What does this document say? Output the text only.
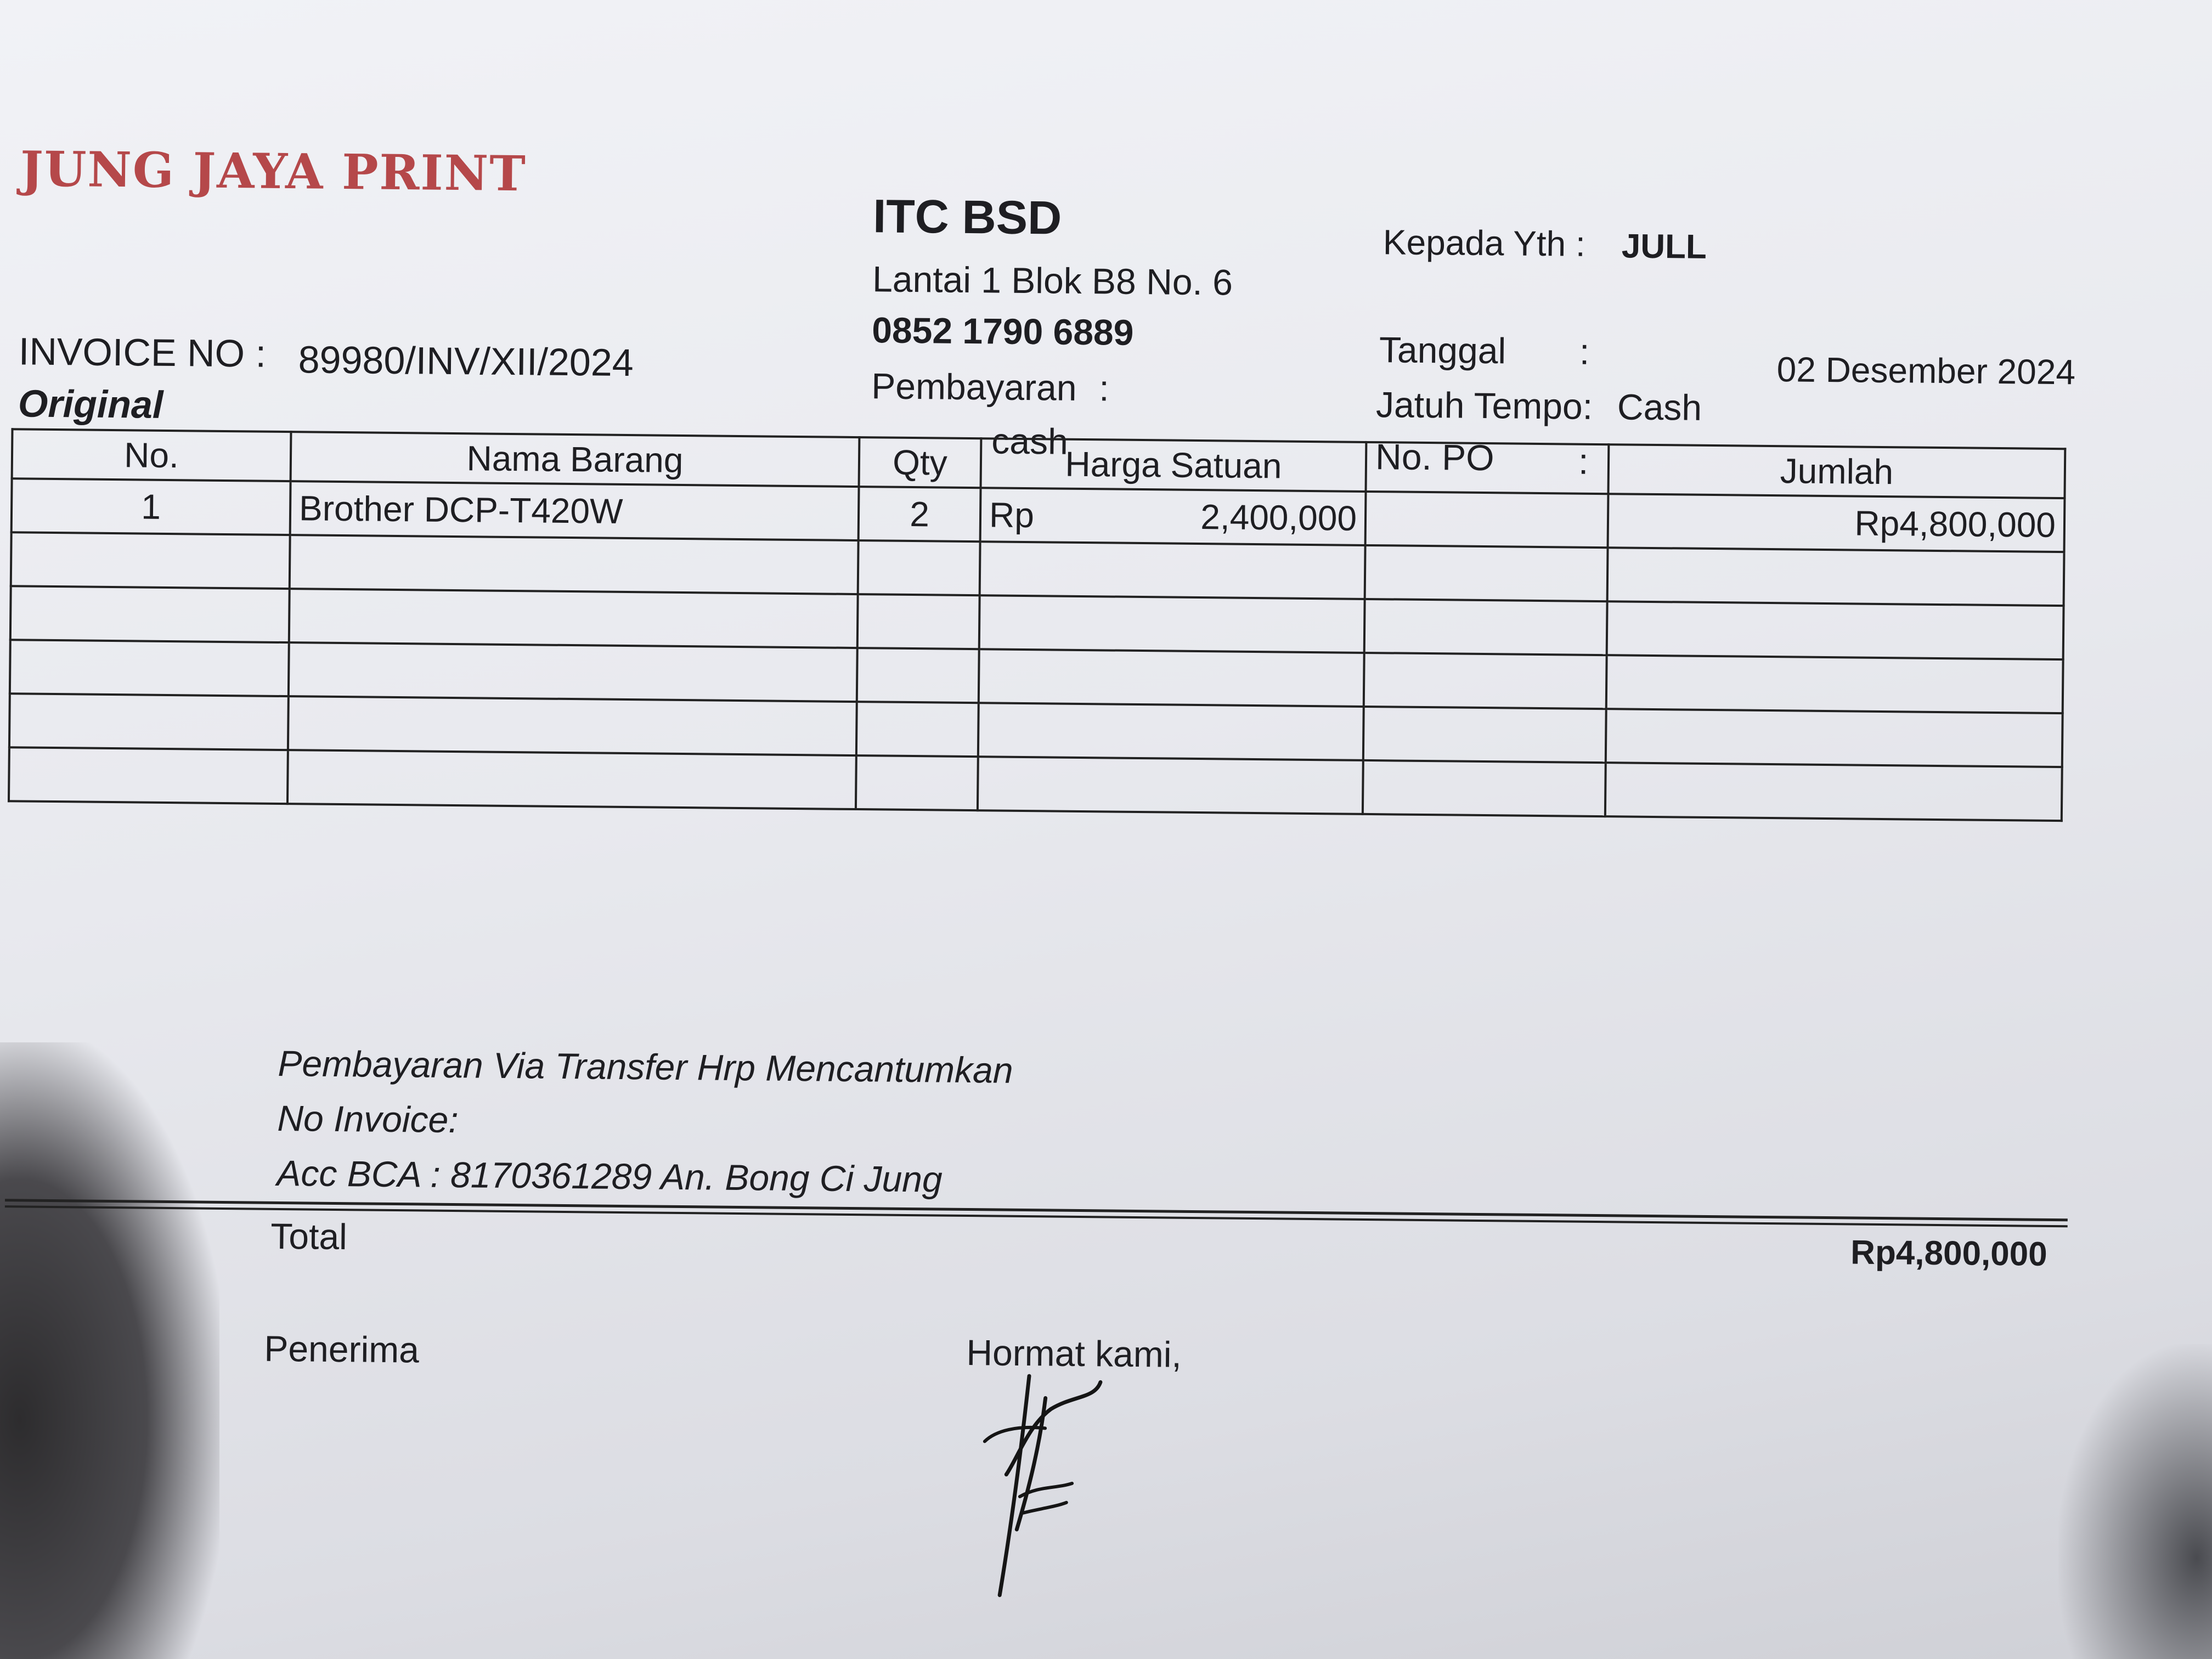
JUNG JAYA PRINT
ITC BSD
Lantai 1 Blok B8 No. 6
0852 1790 6889
Pembayaran :
cash
Kepada Yth : JULL
Tanggal :	02 Desember 2024
Jatuh Tempo: Cash
No. PO :
INVOICE NO : 89980/INV/XII/2024
Original
No.	Nama Barang	Qty	Harga Satuan		Jumlah
1	Brother DCP-T420W	2	Rp 2,400,000		Rp4,800,000

Pembayaran Via Transfer Hrp Mencantumkan
No Invoice:
Acc BCA : 8170361289 An. Bong Ci Jung
Total	Rp4,800,000
Penerima	Hormat kami,
